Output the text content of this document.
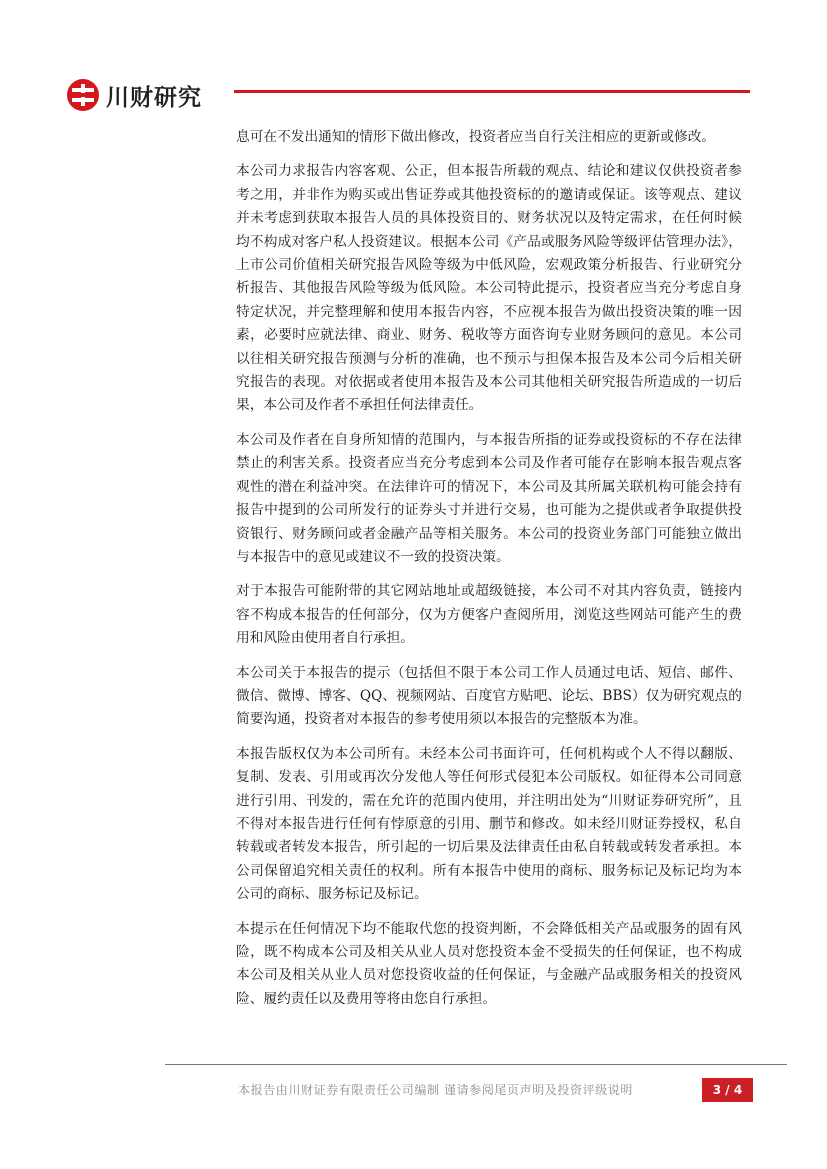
川财研究

息可在不发出通知的情形下做出修改，投资者应当自行关注相应的更新或修改。

本公司力求报告内容客观、公正，但本报告所载的观点、结论和建议仅供投资者参考之用，并非作为购买或出售证券或其他投资标的的邀请或保证。该等观点、建议并未考虑到获取本报告人员的具体投资目的、财务状况以及特定需求，在任何时候均不构成对客户私人投资建议。根据本公司《产品或服务风险等级评估管理办法》，上市公司价值相关研究报告风险等级为中低风险，宏观政策分析报告、行业研究分析报告、其他报告风险等级为低风险。本公司特此提示，投资者应当充分考虑自身特定状况，并完整理解和使用本报告内容，不应视本报告为做出投资决策的唯一因素，必要时应就法律、商业、财务、税收等方面咨询专业财务顾问的意见。本公司以往相关研究报告预测与分析的准确，也不预示与担保本报告及本公司今后相关研究报告的表现。对依据或者使用本报告及本公司其他相关研究报告所造成的一切后果，本公司及作者不承担任何法律责任。

本公司及作者在自身所知情的范围内，与本报告所指的证券或投资标的不存在法律禁止的利害关系。投资者应当充分考虑到本公司及作者可能存在影响本报告观点客观性的潜在利益冲突。在法律许可的情况下，本公司及其所属关联机构可能会持有报告中提到的公司所发行的证券头寸并进行交易，也可能为之提供或者争取提供投资银行、财务顾问或者金融产品等相关服务。本公司的投资业务部门可能独立做出与本报告中的意见或建议不一致的投资决策。

对于本报告可能附带的其它网站地址或超级链接，本公司不对其内容负责，链接内容不构成本报告的任何部分，仅为方便客户查阅所用，浏览这些网站可能产生的费用和风险由使用者自行承担。

本公司关于本报告的提示（包括但不限于本公司工作人员通过电话、短信、邮件、微信、微博、博客、QQ、视频网站、百度官方贴吧、论坛、BBS）仅为研究观点的简要沟通，投资者对本报告的参考使用须以本报告的完整版本为准。

本报告版权仅为本公司所有。未经本公司书面许可，任何机构或个人不得以翻版、复制、发表、引用或再次分发他人等任何形式侵犯本公司版权。如征得本公司同意进行引用、刊发的，需在允许的范围内使用，并注明出处为“川财证券研究所”，且不得对本报告进行任何有悖原意的引用、删节和修改。如未经川财证券授权，私自转载或者转发本报告，所引起的一切后果及法律责任由私自转载或转发者承担。本公司保留追究相关责任的权利。所有本报告中使用的商标、服务标记及标记均为本公司的商标、服务标记及标记。

本提示在任何情况下均不能取代您的投资判断，不会降低相关产品或服务的固有风险，既不构成本公司及相关从业人员对您投资本金不受损失的任何保证，也不构成本公司及相关从业人员对您投资收益的任何保证，与金融产品或服务相关的投资风险、履约责任以及费用等将由您自行承担。

本报告由川财证券有限责任公司编制 谨请参阅尾页声明及投资评级说明	3 / 4
